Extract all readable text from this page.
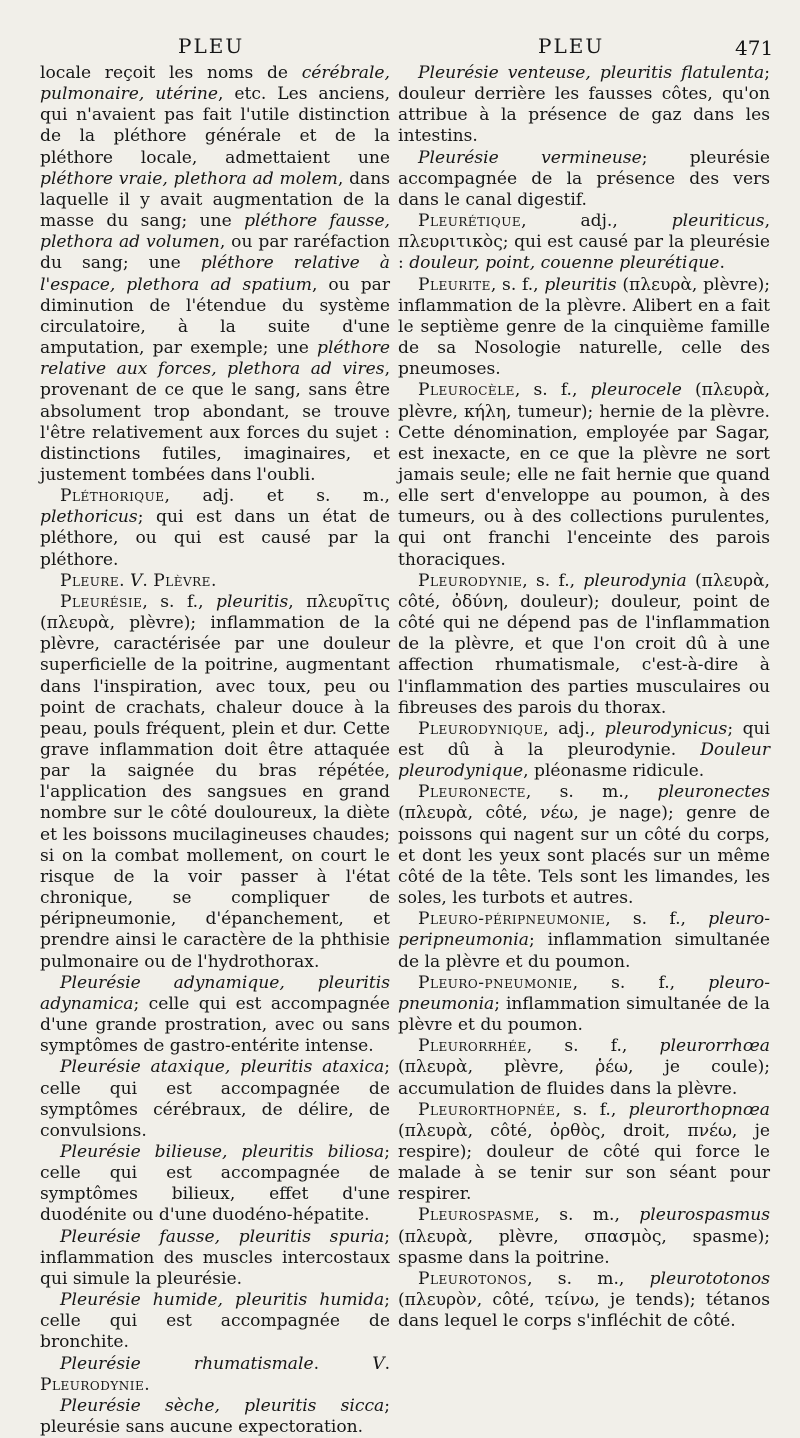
PLEU	PLEU	471

locale reçoit les noms de cérébrale, pulmonaire, utérine, etc. Les anciens, qui n'avaient pas fait l'utile distinction de la pléthore générale et de la pléthore locale, admettaient une pléthore vraie, plethora ad molem, dans laquelle il y avait augmentation de la masse du sang; une pléthore fausse, plethora ad volumen, ou par raréfaction du sang; une pléthore relative à l'espace, plethora ad spatium, ou par diminution de l'étendue du système circulatoire, à la suite d'une amputation, par exemple; une pléthore relative aux forces, plethora ad vires, provenant de ce que le sang, sans être absolument trop abondant, se trouve l'être relativement aux forces du sujet : distinctions futiles, imaginaires, et justement tombées dans l'oubli.

Pléthorique, adj. et s. m., plethoricus; qui est dans un état de pléthore, ou qui est causé par la pléthore.

Pleure. V. Plèvre.

Pleurésie, s. f., pleuritis, πλευρῖτις (πλευρὰ, plèvre); inflammation de la plèvre, caractérisée par une douleur superficielle de la poitrine, augmentant dans l'inspiration, avec toux, peu ou point de crachats, chaleur douce à la peau, pouls fréquent, plein et dur. Cette grave inflammation doit être attaquée par la saignée du bras répétée, l'application des sangsues en grand nombre sur le côté douloureux, la diète et les boissons mucilagineuses chaudes; si on la combat mollement, on court le risque de la voir passer à l'état chronique, se compliquer de péripneumonie, d'épanchement, et prendre ainsi le caractère de la phthisie pulmonaire ou de l'hydrothorax.

Pleurésie adynamique, pleuritis adynamica; celle qui est accompagnée d'une grande prostration, avec ou sans symptômes de gastro-entérite intense.

Pleurésie ataxique, pleuritis ataxica; celle qui est accompagnée de symptômes cérébraux, de délire, de convulsions.

Pleurésie bilieuse, pleuritis biliosa; celle qui est accompagnée de symptômes bilieux, effet d'une duodénite ou d'une duodéno-hépatite.

Pleurésie fausse, pleuritis spuria; inflammation des muscles intercostaux qui simule la pleurésie.

Pleurésie humide, pleuritis humida; celle qui est accompagnée de bronchite.

Pleurésie rhumatismale. V. Pleurodynie.

Pleurésie sèche, pleuritis sicca; pleurésie sans aucune expectoration.

Pleurésie venteuse, pleuritis flatulenta; douleur derrière les fausses côtes, qu'on attribue à la présence de gaz dans les intestins.

Pleurésie vermineuse; pleurésie accompagnée de la présence des vers dans le canal digestif.

Pleurétique, adj., pleuriticus, πλευριτικὸς; qui est causé par la pleurésie : douleur, point, couenne pleurétique.

Pleurite, s. f., pleuritis (πλευρὰ, plèvre); inflammation de la plèvre. Alibert en a fait le septième genre de la cinquième famille de sa Nosologie naturelle, celle des pneumoses.

Pleurocèle, s. f., pleurocele (πλευρὰ, plèvre, κήλη, tumeur); hernie de la plèvre. Cette dénomination, employée par Sagar, est inexacte, en ce que la plèvre ne sort jamais seule; elle ne fait hernie que quand elle sert d'enveloppe au poumon, à des tumeurs, ou à des collections purulentes, qui ont franchi l'enceinte des parois thoraciques.

Pleurodynie, s. f., pleurodynia (πλευρὰ, côté, ὀδύνη, douleur); douleur, point de côté qui ne dépend pas de l'inflammation de la plèvre, et que l'on croit dû à une affection rhumatismale, c'est-à-dire à l'inflammation des parties musculaires ou fibreuses des parois du thorax.

Pleurodynique, adj., pleurodynicus; qui est dû à la pleurodynie. Douleur pleurodynique, pléonasme ridicule.

Pleuronecte, s. m., pleuronectes (πλευρὰ, côté, νέω, je nage); genre de poissons qui nagent sur un côté du corps, et dont les yeux sont placés sur un même côté de la tête. Tels sont les limandes, les soles, les turbots et autres.

Pleuro-péripneumonie, s. f., pleuro-peripneumonia; inflammation simultanée de la plèvre et du poumon.

Pleuro-pneumonie, s. f., pleuro-pneumonia; inflammation simultanée de la plèvre et du poumon.

Pleurorrhée, s. f., pleurorrhœa (πλευρὰ, plèvre, ῥέω, je coule); accumulation de fluides dans la plèvre.

Pleurorthopnée, s. f., pleurorthopnœa (πλευρὰ, côté, ὀρθὸς, droit, πνέω, je respire); douleur de côté qui force le malade à se tenir sur son séant pour respirer.

Pleurospasme, s. m., pleurospasmus (πλευρὰ, plèvre, σπασμὸς, spasme); spasme dans la poitrine.

Pleurotonos, s. m., pleurototonos (πλευρὸν, côté, τείνω, je tends); tétanos dans lequel le corps s'infléchit de côté.
